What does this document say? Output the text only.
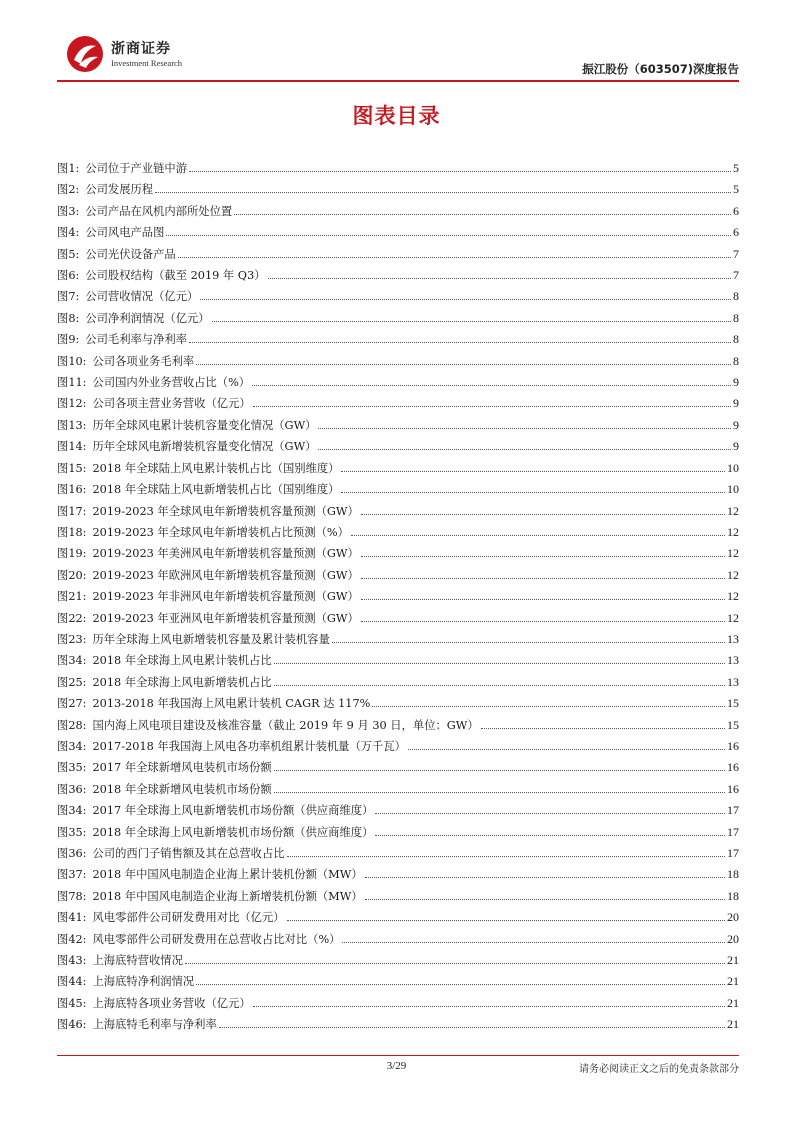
浙商证券
Investment Research	振江股份（603507)深度报告
图表目录
图 1: 公司位于产业链中游	5
图 2: 公司发展历程	5
图 3: 公司产品在风机内部所处位置	6
图 4: 公司风电产品图	6
图 5: 公司光伏设备产品	7
图 6: 公司股权结构（截至 2019 年 Q3）	7
图 7: 公司营收情况（亿元）	8
图 8: 公司净利润情况（亿元）	8
图 9: 公司毛利率与净利率	8
图 10: 公司各项业务毛利率	8
图 11: 公司国内外业务营收占比（%）	9
图 12: 公司各项主营业务营收（亿元）	9
图 13: 历年全球风电累计装机容量变化情况（GW）	9
图 14: 历年全球风电新增装机容量变化情况（GW）	9
图 15: 2018 年全球陆上风电累计装机占比（国别维度）	10
图 16: 2018 年全球陆上风电新增装机占比（国别维度）	10
图 17: 2019-2023 年全球风电年新增装机容量预测（GW）	12
图 18: 2019-2023 年全球风电年新增装机占比预测（%）	12
图 19: 2019-2023 年美洲风电年新增装机容量预测（GW）	12
图 20: 2019-2023 年欧洲风电年新增装机容量预测（GW）	12
图 21: 2019-2023 年非洲风电年新增装机容量预测（GW）	12
图 22: 2019-2023 年亚洲风电年新增装机容量预测（GW）	12
图 23: 历年全球海上风电新增装机容量及累计装机容量	13
图 34: 2018 年全球海上风电累计装机占比	13
图 25: 2018 年全球海上风电新增装机占比	13
图 27: 2013-2018 年我国海上风电累计装机 CAGR 达 117%	15
图 28: 国内海上风电项目建设及核准容量（截止 2019 年 9 月 30 日，单位：GW）	15
图 34: 2017-2018 年我国海上风电各功率机组累计装机量（万千瓦）	16
图 35: 2017 年全球新增风电装机市场份额	16
图 36: 2018 年全球新增风电装机市场份额	16
图 34: 2017 年全球海上风电新增装机市场份额（供应商维度）	17
图 35: 2018 年全球海上风电新增装机市场份额（供应商维度）	17
图 36: 公司的西门子销售额及其在总营收占比	17
图 37: 2018 年中国风电制造企业海上累计装机份额（MW）	18
图 78: 2018 年中国风电制造企业海上新增装机份额（MW）	18
图 41: 风电零部件公司研发费用对比（亿元）	20
图 42: 风电零部件公司研发费用在总营收占比对比（%）	20
图 43: 上海底特营收情况	21
图 44: 上海底特净利润情况	21
图 45: 上海底特各项业务营收（亿元）	21
图 46: 上海底特毛利率与净利率	21
3/29	请务必阅读正文之后的免责条款部分
